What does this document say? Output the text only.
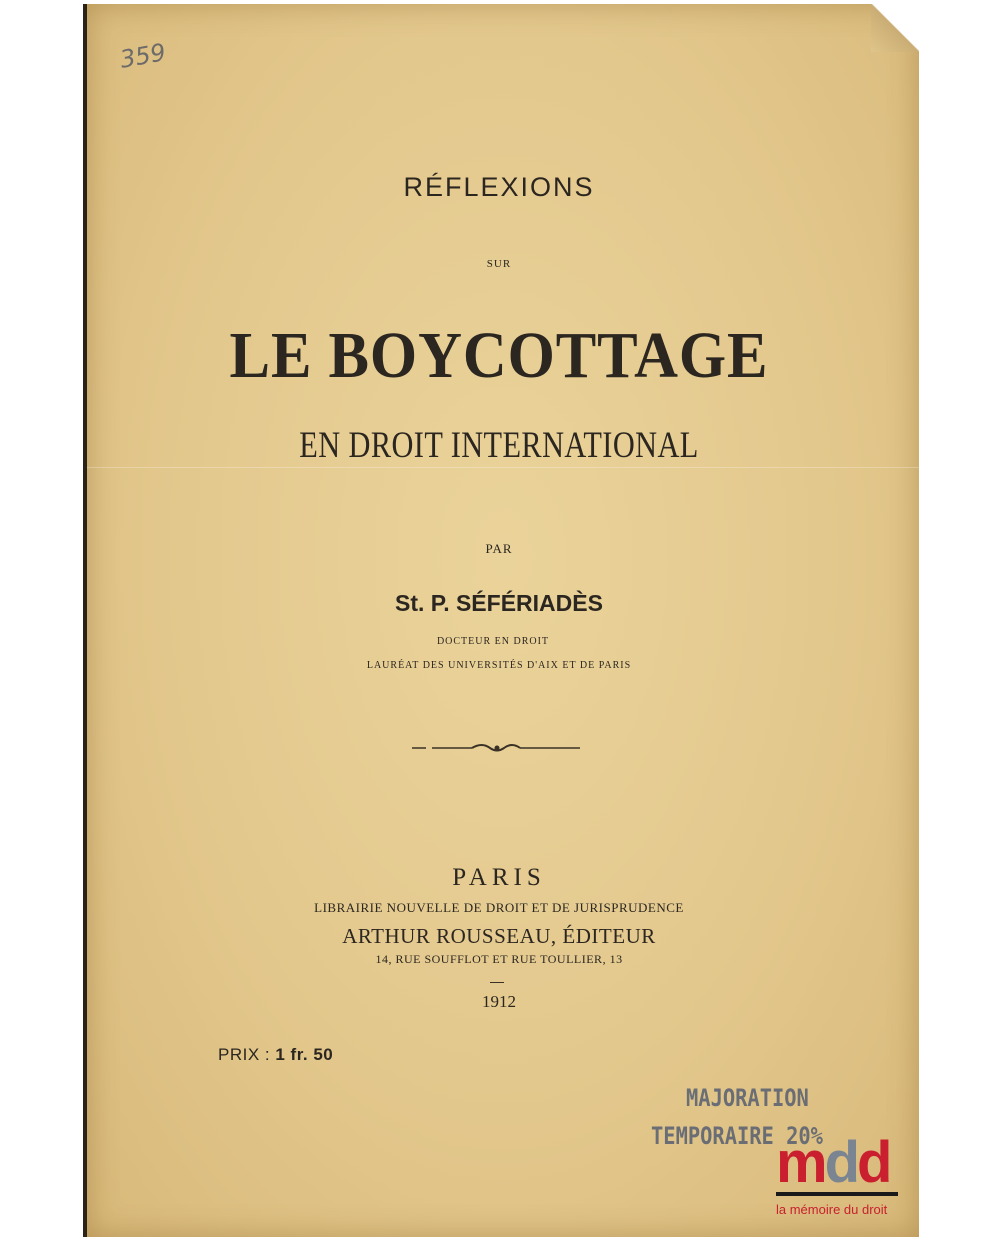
359
RÉFLEXIONS
SUR
LE BOYCOTTAGE
EN DROIT INTERNATIONAL
PAR
St. P. SÉFÉRIADÈS
DOCTEUR EN DROIT
LAURÉAT DES UNIVERSITÉS D'AIX ET DE PARIS
PARIS
LIBRAIRIE NOUVELLE DE DROIT ET DE JURISPRUDENCE
ARTHUR ROUSSEAU, ÉDITEUR
14, RUE SOUFFLOT ET RUE TOULLIER, 13
1912
PRIX : 1 fr. 50
MAJORATION
TEMPORAIRE 20%
mdd
la mémoire du droit
